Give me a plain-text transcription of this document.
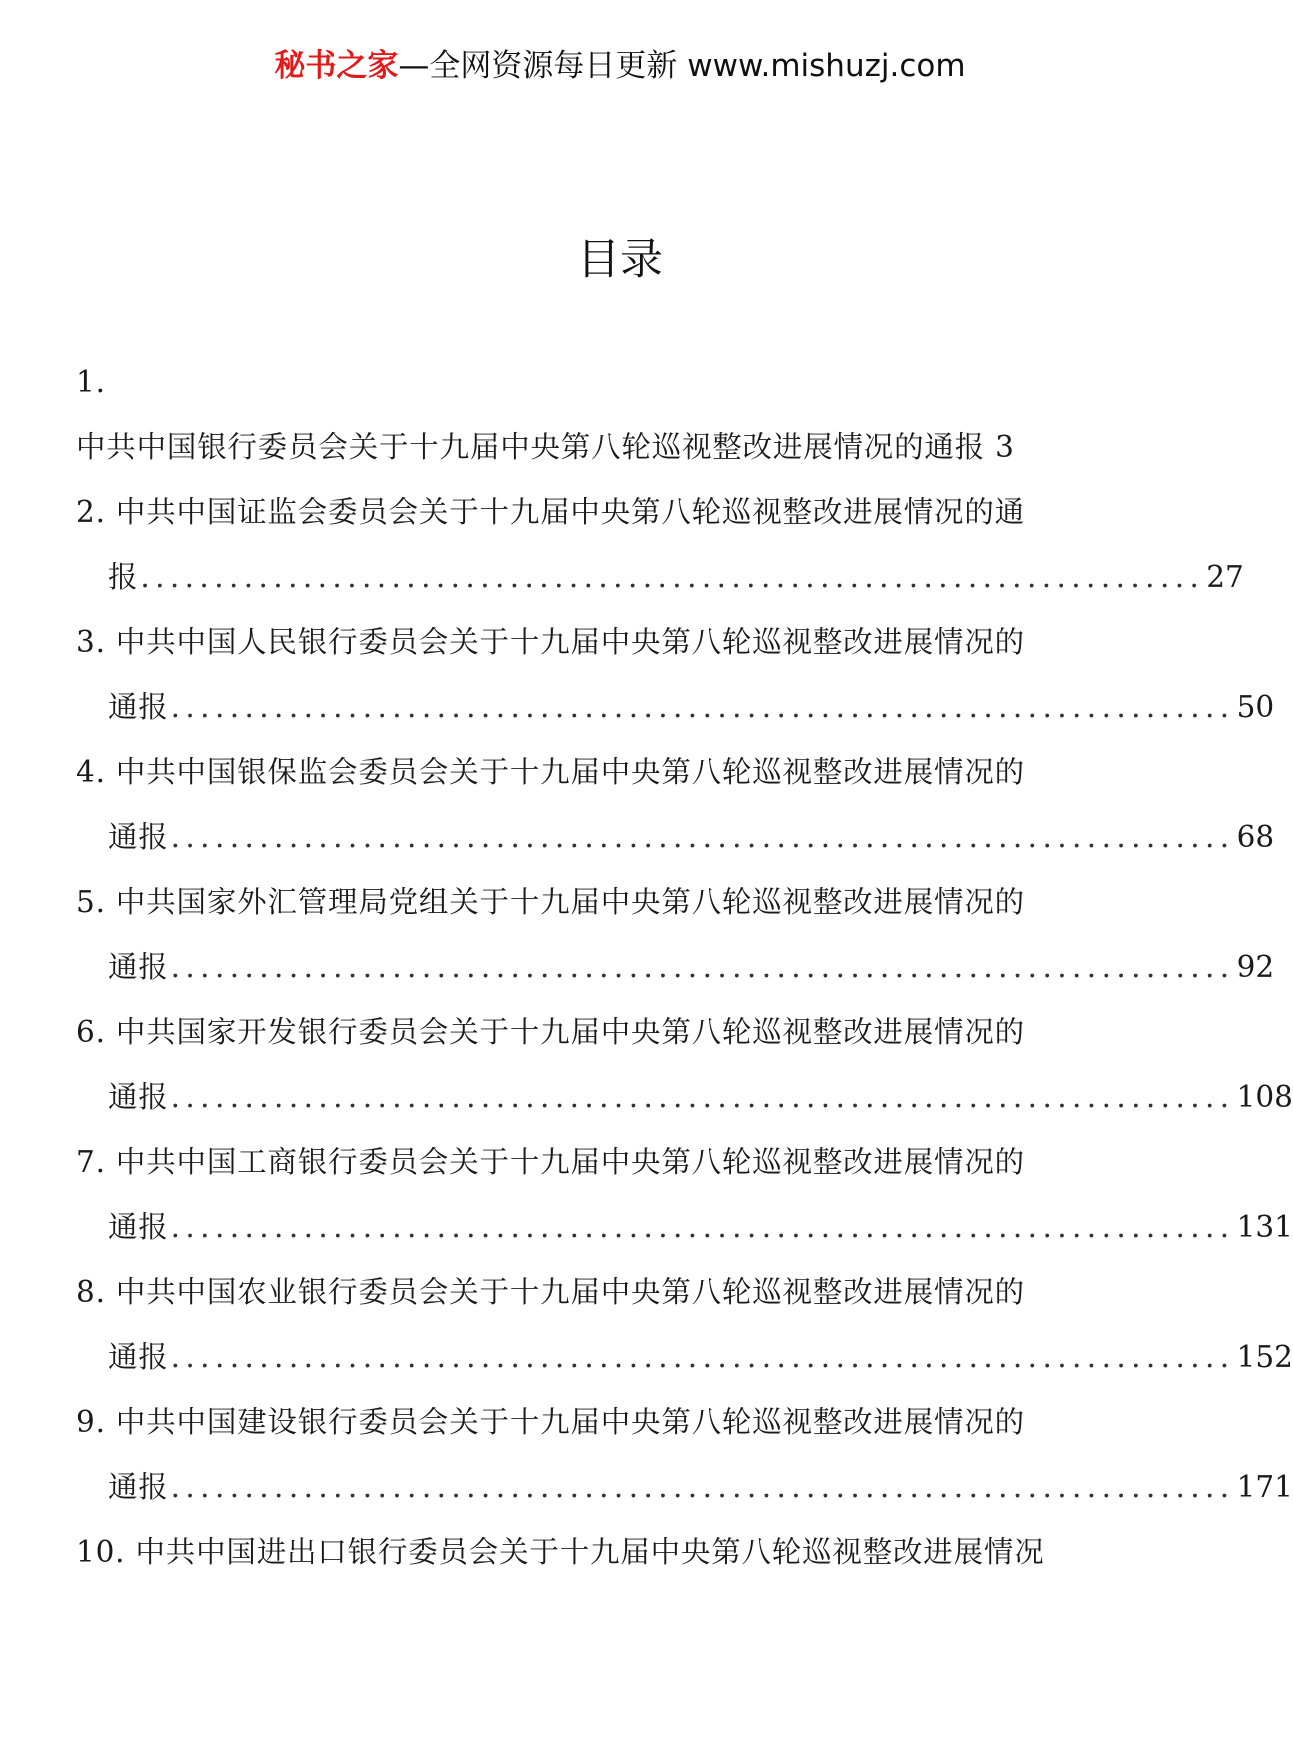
秘书之家—全网资源每日更新 www.mishuzj.com
目录
1.
中共中国银行委员会关于十九届中央第八轮巡视整改进展情况的通报 3
2. 中共中国证监会委员会关于十九届中央第八轮巡视整改进展情况的通
报 ........................................................................ 27
3. 中共中国人民银行委员会关于十九届中央第八轮巡视整改进展情况的
通报 ........................................................................ 50
4. 中共中国银保监会委员会关于十九届中央第八轮巡视整改进展情况的
通报 ........................................................................ 68
5. 中共国家外汇管理局党组关于十九届中央第八轮巡视整改进展情况的
通报 ........................................................................ 92
6. 中共国家开发银行委员会关于十九届中央第八轮巡视整改进展情况的
通报 ........................................................................ 108
7. 中共中国工商银行委员会关于十九届中央第八轮巡视整改进展情况的
通报 ........................................................................ 131
8. 中共中国农业银行委员会关于十九届中央第八轮巡视整改进展情况的
通报 ........................................................................ 152
9. 中共中国建设银行委员会关于十九届中央第八轮巡视整改进展情况的
通报 ........................................................................ 171
10. 中共中国进出口银行委员会关于十九届中央第八轮巡视整改进展情况
